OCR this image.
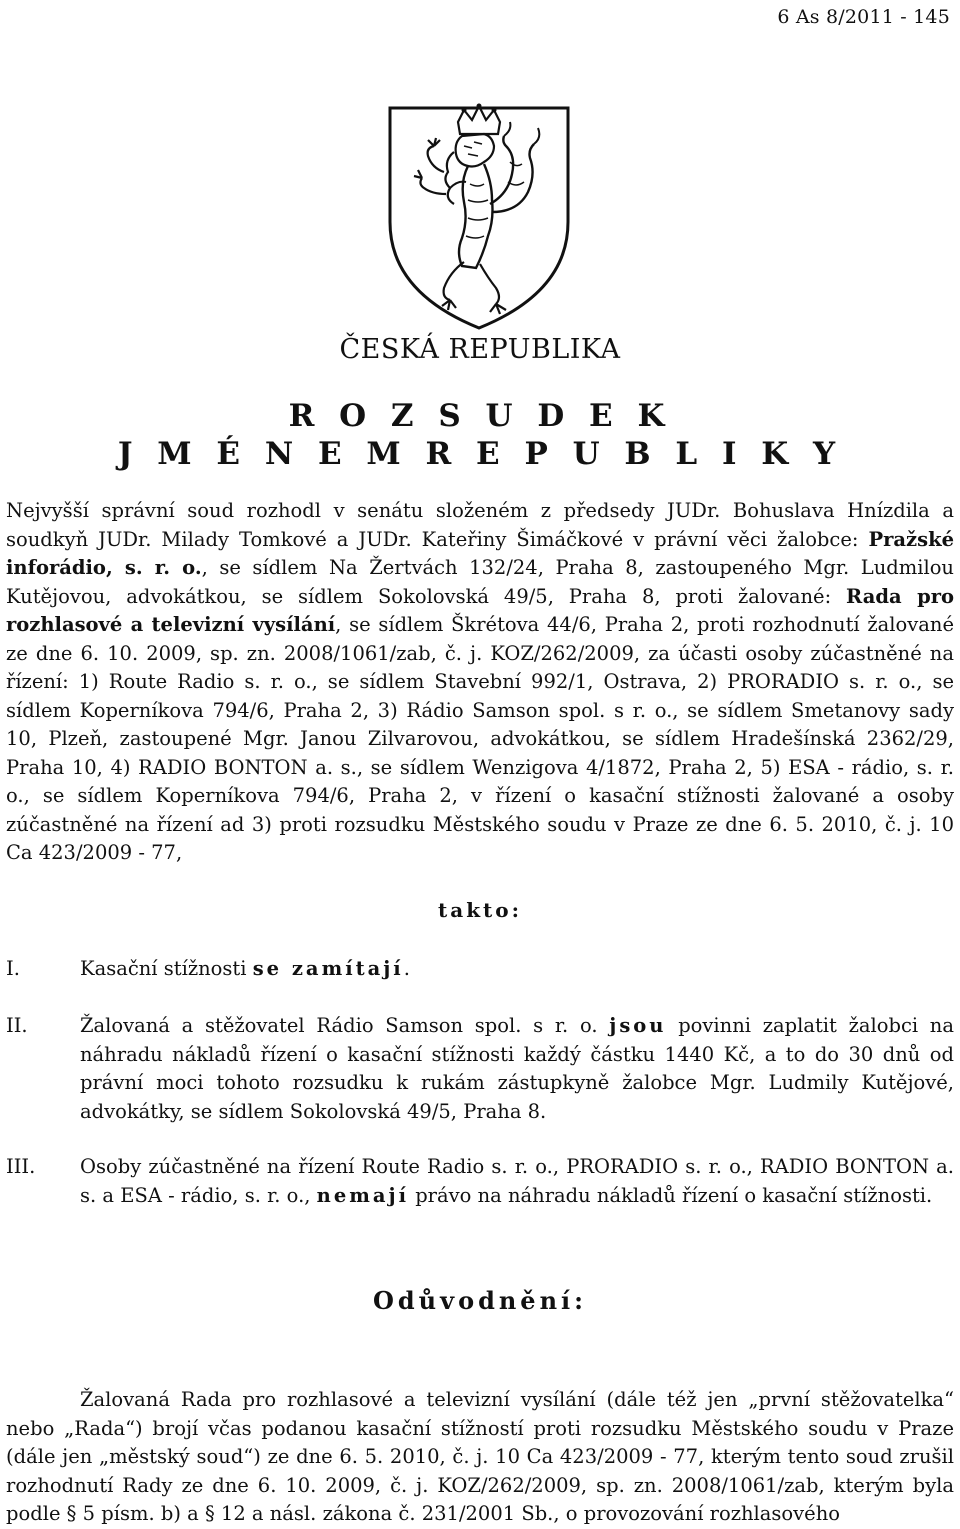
6 As 8/2011 - 145
ČESKÁ REPUBLIKA
R O Z S U D E K
J M É N E M R E P U B L I K Y
Nejvyšší správní soud rozhodl v senátu složeném z předsedy JUDr. Bohuslava Hnízdila a soudkyň JUDr. Milady Tomkové a JUDr. Kateřiny Šimáčkové v právní věci žalobce: Pražské inforádio, s. r. o., se sídlem Na Žertvách 132/24, Praha 8, zastoupeného Mgr. Ludmilou Kutějovou, advokátkou, se sídlem Sokolovská 49/5, Praha 8, proti žalované: Rada pro rozhlasové a televizní vysílání, se sídlem Škrétova 44/6, Praha 2, proti rozhodnutí žalované ze dne 6. 10. 2009, sp. zn. 2008/1061/zab, č. j. KOZ/262/2009, za účasti osoby zúčastněné na řízení: 1) Route Radio s. r. o., se sídlem Stavební 992/1, Ostrava, 2) PRORADIO s. r. o., se sídlem Koperníkova 794/6, Praha 2, 3) Rádio Samson spol. s r. o., se sídlem Smetanovy sady 10, Plzeň, zastoupené Mgr. Janou Zilvarovou, advokátkou, se sídlem Hradešínská 2362/29, Praha 10, 4) RADIO BONTON a. s., se sídlem Wenzigova 4/1872, Praha 2, 5) ESA - rádio, s. r. o., se sídlem Koperníkova 794/6, Praha 2, v řízení o kasační stížnosti žalované a osoby zúčastněné na řízení ad 3) proti rozsudku Městského soudu v Praze ze dne 6. 5. 2010, č. j. 10 Ca 423/2009 - 77,
takto:
I.	Kasační stížnosti se zamítají.
II.	Žalovaná a stěžovatel Rádio Samson spol. s r. o. jsou povinni zaplatit žalobci na náhradu nákladů řízení o kasační stížnosti každý částku 1440 Kč, a to do 30 dnů od právní moci tohoto rozsudku k rukám zástupkyně žalobce Mgr. Ludmily Kutějové, advokátky, se sídlem Sokolovská 49/5, Praha 8.
III.	Osoby zúčastněné na řízení Route Radio s. r. o., PRORADIO s. r. o., RADIO BONTON a. s. a ESA - rádio, s. r. o., nemají právo na náhradu nákladů řízení o kasační stížnosti.
Odůvodnění:
Žalovaná Rada pro rozhlasové a televizní vysílání (dále též jen „první stěžovatelka“ nebo „Rada“) brojí včas podanou kasační stížností proti rozsudku Městského soudu v Praze (dále jen „městský soud“) ze dne 6. 5. 2010, č. j. 10 Ca 423/2009 - 77, kterým tento soud zrušil rozhodnutí Rady ze dne 6. 10. 2009, č. j. KOZ/262/2009, sp. zn. 2008/1061/zab, kterým byla podle § 5 písm. b) a § 12 a násl. zákona č. 231/2001 Sb., o provozování rozhlasového
